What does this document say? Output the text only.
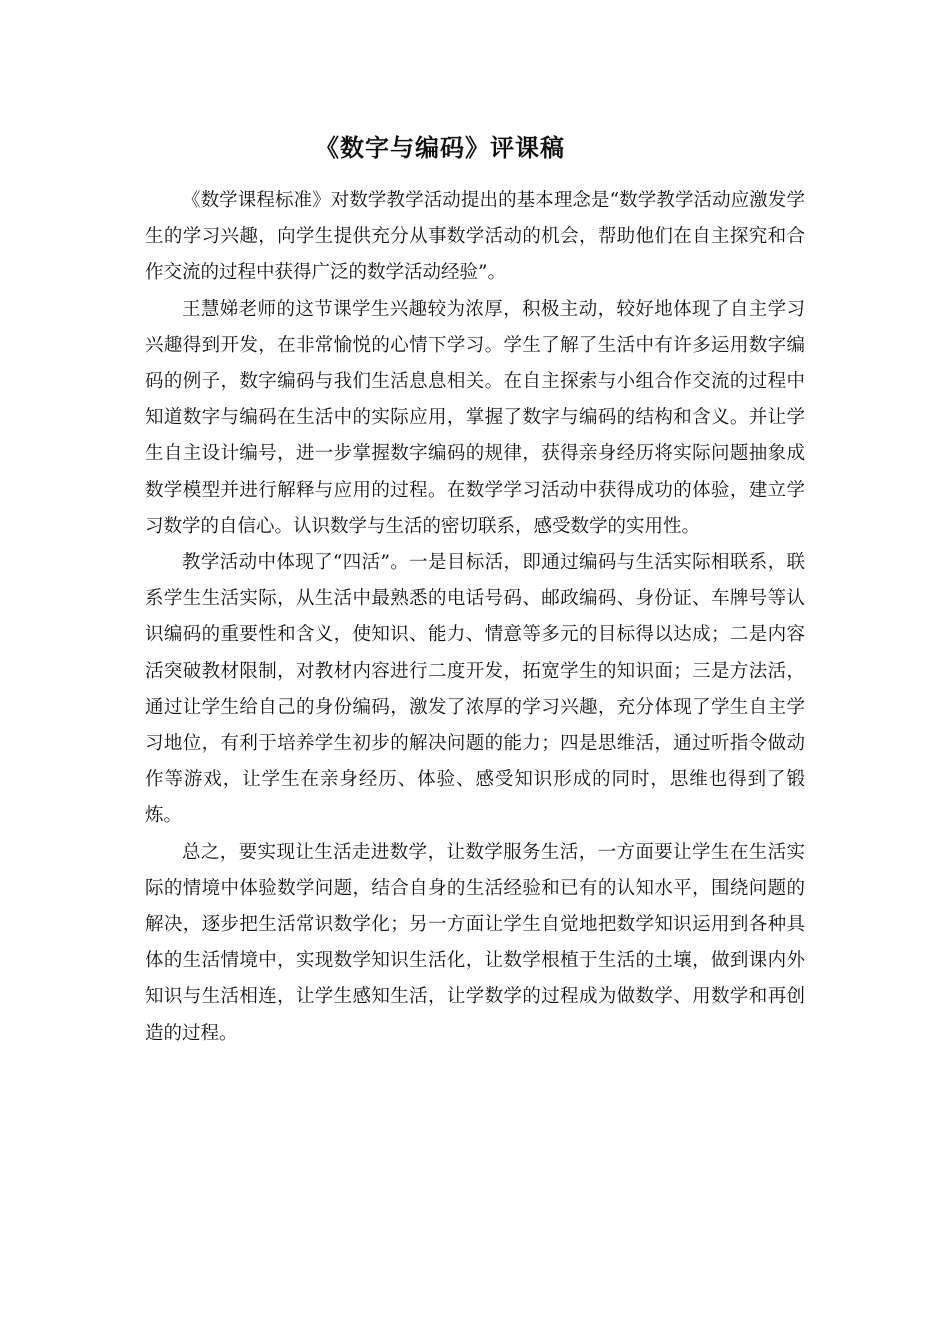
《数字与编码》评课稿

《数学课程标准》对数学教学活动提出的基本理念是“数学教学活动应激发学生的学习兴趣，向学生提供充分从事数学活动的机会，帮助他们在自主探究和合作交流的过程中获得广泛的数学活动经验”。

王慧娣老师的这节课学生兴趣较为浓厚，积极主动，较好地体现了自主学习兴趣得到开发，在非常愉悦的心情下学习。学生了解了生活中有许多运用数字编码的例子，数字编码与我们生活息息相关。在自主探索与小组合作交流的过程中知道数字与编码在生活中的实际应用，掌握了数字与编码的结构和含义。并让学生自主设计编号，进一步掌握数字编码的规律，获得亲身经历将实际问题抽象成数学模型并进行解释与应用的过程。在数学学习活动中获得成功的体验，建立学习数学的自信心。认识数学与生活的密切联系，感受数学的实用性。

教学活动中体现了“四活”。一是目标活，即通过编码与生活实际相联系，联系学生生活实际，从生活中最熟悉的电话号码、邮政编码、身份证、车牌号等认识编码的重要性和含义，使知识、能力、情意等多元的目标得以达成；二是内容活突破教材限制，对教材内容进行二度开发，拓宽学生的知识面；三是方法活，通过让学生给自己的身份编码，激发了浓厚的学习兴趣，充分体现了学生自主学习地位，有利于培养学生初步的解决问题的能力；四是思维活，通过听指令做动作等游戏，让学生在亲身经历、体验、感受知识形成的同时，思维也得到了锻炼。

总之，要实现让生活走进数学，让数学服务生活，一方面要让学生在生活实际的情境中体验数学问题，结合自身的生活经验和已有的认知水平，围绕问题的解决，逐步把生活常识数学化；另一方面让学生自觉地把数学知识运用到各种具体的生活情境中，实现数学知识生活化，让数学根植于生活的土壤，做到课内外知识与生活相连，让学生感知生活，让学数学的过程成为做数学、用数学和再创造的过程。
